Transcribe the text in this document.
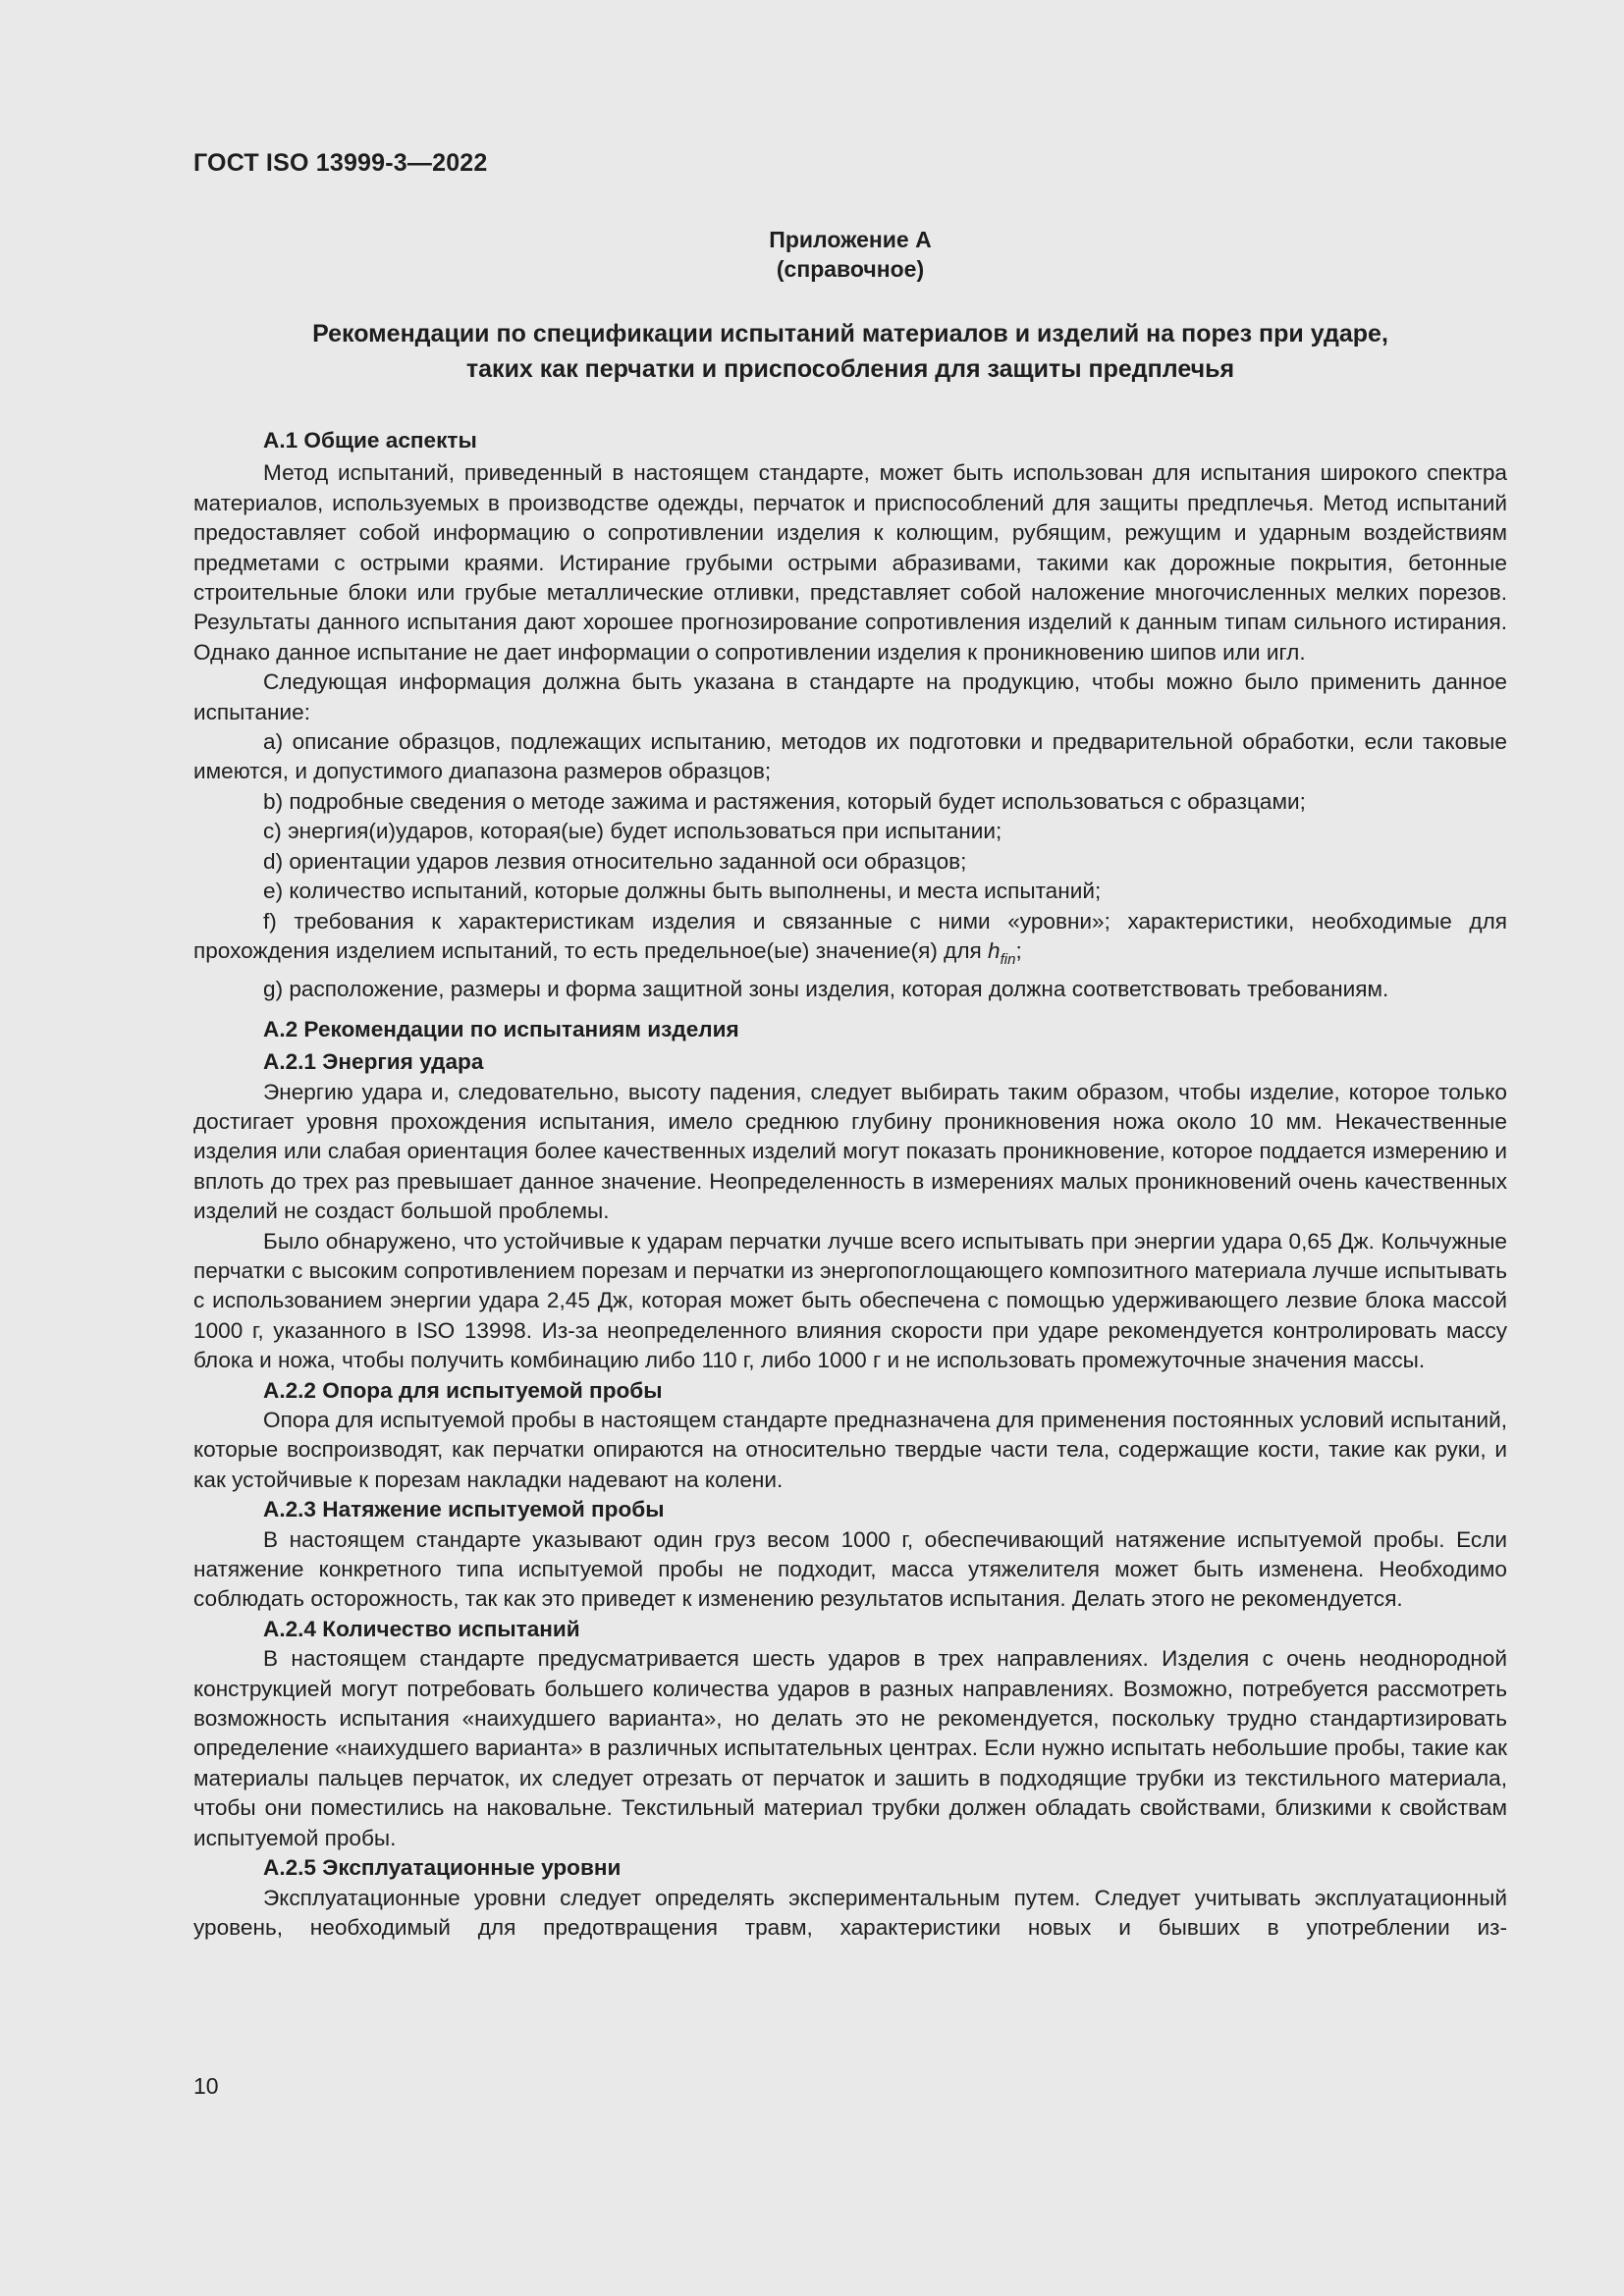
ГОСТ ISO 13999-3—2022
Приложение А
(справочное)
Рекомендации по спецификации испытаний материалов и изделий на порез при ударе,
таких как перчатки и приспособления для защиты предплечья
А.1 Общие аспекты

Метод испытаний, приведенный в настоящем стандарте, может быть использован для испытания широкого спектра материалов, используемых в производстве одежды, перчаток и приспособлений для защиты предплечья. Метод испытаний предоставляет собой информацию о сопротивлении изделия к колющим, рубящим, режущим и ударным воздействиям предметами с острыми краями. Истирание грубыми острыми абразивами, такими как дорожные покрытия, бетонные строительные блоки или грубые металлические отливки, представляет собой наложение многочисленных мелких порезов. Результаты данного испытания дают хорошее прогнозирование сопротивления изделий к данным типам сильного истирания. Однако данное испытание не дает информации о сопротивлении изделия к проникновению шипов или игл.

Следующая информация должна быть указана в стандарте на продукцию, чтобы можно было применить данное испытание:

a) описание образцов, подлежащих испытанию, методов их подготовки и предварительной обработки, если таковые имеются, и допустимого диапазона размеров образцов;

b) подробные сведения о методе зажима и растяжения, который будет использоваться с образцами;

c) энергия(и)ударов, которая(ые) будет использоваться при испытании;

d) ориентации ударов лезвия относительно заданной оси образцов;

e) количество испытаний, которые должны быть выполнены, и места испытаний;

f) требования к характеристикам изделия и связанные с ними «уровни»; характеристики, необходимые для прохождения изделием испытаний, то есть предельное(ые) значение(я) для $h_{fin}$;

g) расположение, размеры и форма защитной зоны изделия, которая должна соответствовать требованиям.

А.2 Рекомендации по испытаниям изделия
А.2.1 Энергия удара

Энергию удара и, следовательно, высоту падения, следует выбирать таким образом, чтобы изделие, которое только достигает уровня прохождения испытания, имело среднюю глубину проникновения ножа около 10 мм. Некачественные изделия или слабая ориентация более качественных изделий могут показать проникновение, которое поддается измерению и вплоть до трех раз превышает данное значение. Неопределенность в измерениях малых проникновений очень качественных изделий не создаст большой проблемы.

Было обнаружено, что устойчивые к ударам перчатки лучше всего испытывать при энергии удара 0,65 Дж. Кольчужные перчатки с высоким сопротивлением порезам и перчатки из энергопоглощающего композитного материала лучше испытывать с использованием энергии удара 2,45 Дж, которая может быть обеспечена с помощью удерживающего лезвие блока массой 1000 г, указанного в ISO 13998. Из-за неопределенного влияния скорости при ударе рекомендуется контролировать массу блока и ножа, чтобы получить комбинацию либо 110 г, либо 1000 г и не использовать промежуточные значения массы.

А.2.2 Опора для испытуемой пробы

Опора для испытуемой пробы в настоящем стандарте предназначена для применения постоянных условий испытаний, которые воспроизводят, как перчатки опираются на относительно твердые части тела, содержащие кости, такие как руки, и как устойчивые к порезам накладки надевают на колени.

А.2.3 Натяжение испытуемой пробы

В настоящем стандарте указывают один груз весом 1000 г, обеспечивающий натяжение испытуемой пробы. Если натяжение конкретного типа испытуемой пробы не подходит, масса утяжелителя может быть изменена. Необходимо соблюдать осторожность, так как это приведет к изменению результатов испытания. Делать этого не рекомендуется.

А.2.4 Количество испытаний

В настоящем стандарте предусматривается шесть ударов в трех направлениях. Изделия с очень неоднородной конструкцией могут потребовать большего количества ударов в разных направлениях. Возможно, потребуется рассмотреть возможность испытания «наихудшего варианта», но делать это не рекомендуется, поскольку трудно стандартизировать определение «наихудшего варианта» в различных испытательных центрах. Если нужно испытать небольшие пробы, такие как материалы пальцев перчаток, их следует отрезать от перчаток и зашить в подходящие трубки из текстильного материала, чтобы они поместились на наковальне. Текстильный материал трубки должен обладать свойствами, близкими к свойствам испытуемой пробы.

А.2.5 Эксплуатационные уровни

Эксплуатационные уровни следует определять экспериментальным путем. Следует учитывать эксплуатационный уровень, необходимый для предотвращения травм, характеристики новых и бывших в употреблении из-

10
